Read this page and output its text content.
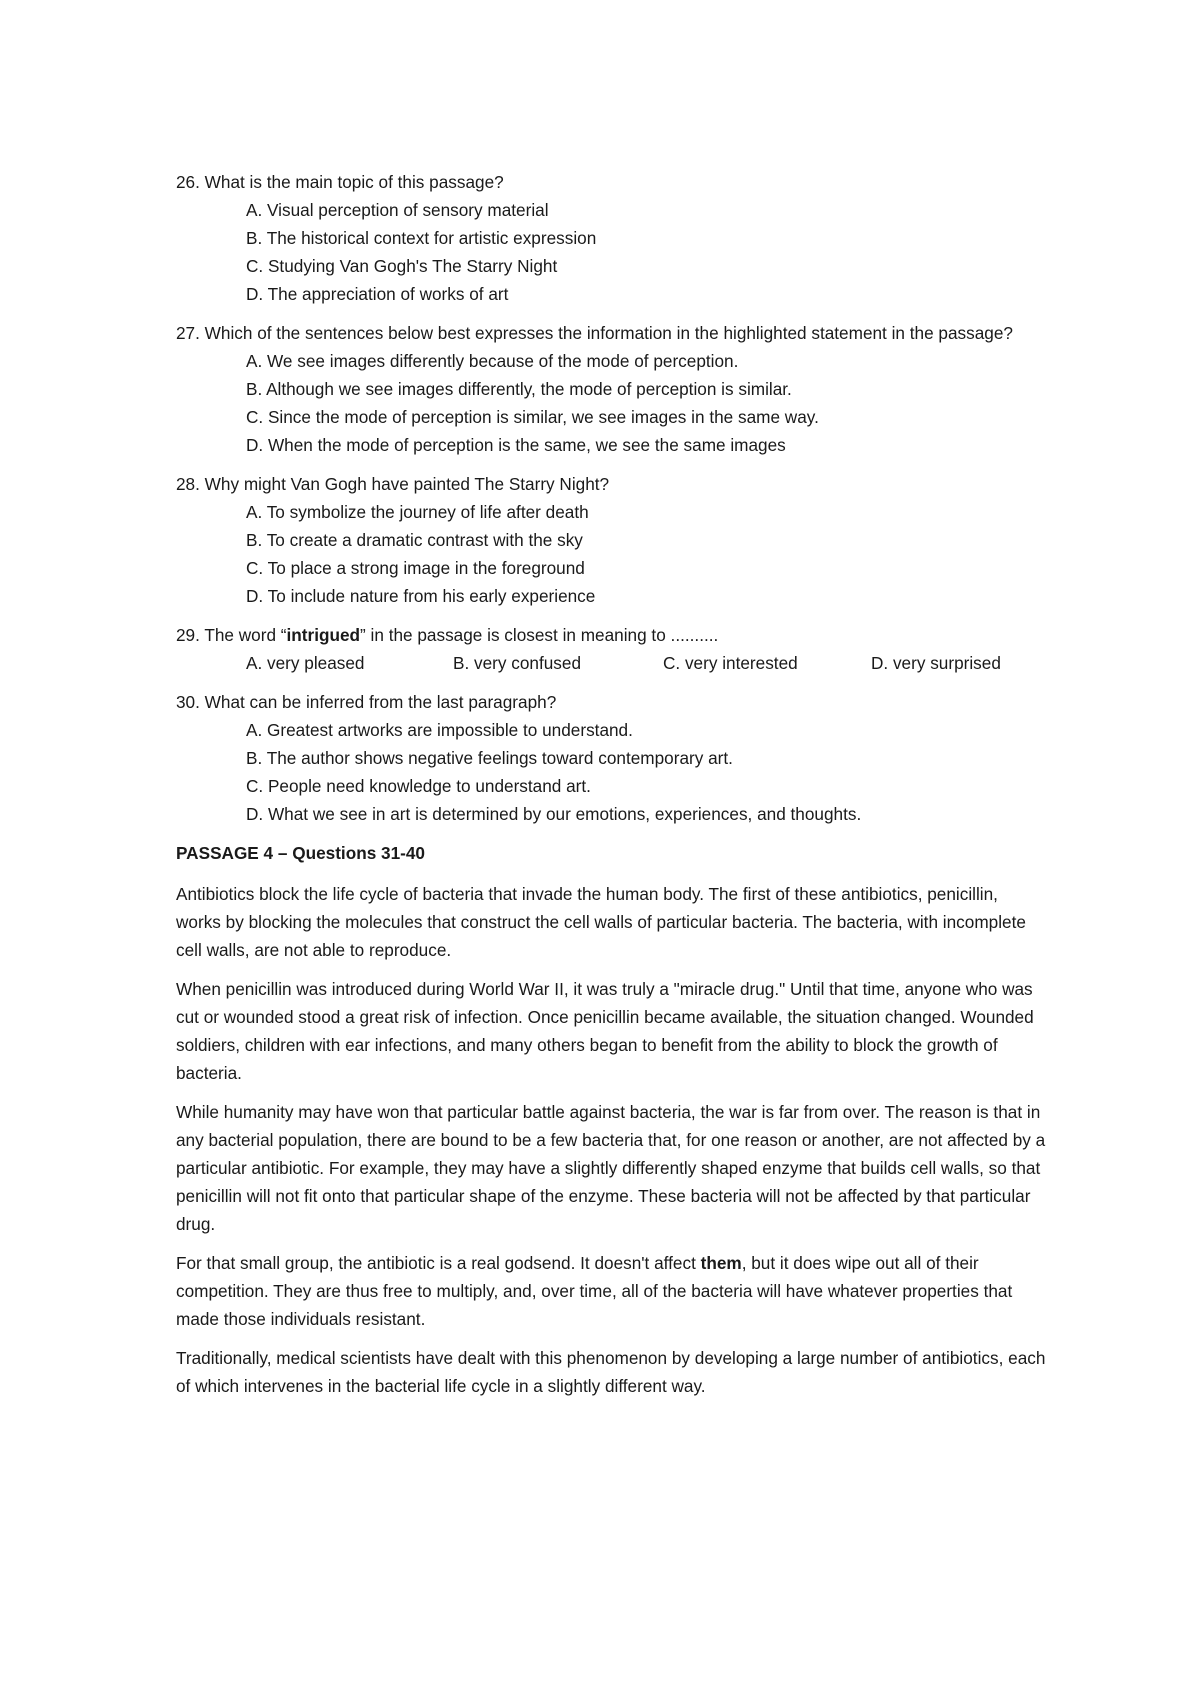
26. What is the main topic of this passage?

A. Visual perception of sensory material

B. The historical context for artistic expression

C. Studying Van Gogh's The Starry Night

D. The appreciation of works of art

27. Which of the sentences below best expresses the information in the highlighted statement in the passage?

A. We see images differently because of the mode of perception.

B. Although we see images differently, the mode of perception is similar.

C. Since the mode of perception is similar, we see images in the same way.

D. When the mode of perception is the same, we see the same images

28. Why might Van Gogh have painted The Starry Night?

A. To symbolize the journey of life after death

B. To create a dramatic contrast with the sky

C. To place a strong image in the foreground

D. To include nature from his early experience

29. The word “intrigued” in the passage is closest in meaning to ..........

A. very pleased	B. very confused	C. very interested	D. very surprised

30. What can be inferred from the last paragraph?

A. Greatest artworks are impossible to understand.

B. The author shows negative feelings toward contemporary art.

C. People need knowledge to understand art.

D. What we see in art is determined by our emotions, experiences, and thoughts.

PASSAGE 4 – Questions 31-40

Antibiotics block the life cycle of bacteria that invade the human body. The first of these antibiotics, penicillin, works by blocking the molecules that construct the cell walls of particular bacteria. The bacteria, with incomplete cell walls, are not able to reproduce.

When penicillin was introduced during World War II, it was truly a "miracle drug." Until that time, anyone who was cut or wounded stood a great risk of infection. Once penicillin became available, the situation changed. Wounded soldiers, children with ear infections, and many others began to benefit from the ability to block the growth of bacteria.

While humanity may have won that particular battle against bacteria, the war is far from over. The reason is that in any bacterial population, there are bound to be a few bacteria that, for one reason or another, are not affected by a particular antibiotic. For example, they may have a slightly differently shaped enzyme that builds cell walls, so that penicillin will not fit onto that particular shape of the enzyme. These bacteria will not be affected by that particular drug.

For that small group, the antibiotic is a real godsend. It doesn't affect them, but it does wipe out all of their competition. They are thus free to multiply, and, over time, all of the bacteria will have whatever properties that made those individuals resistant.

Traditionally, medical scientists have dealt with this phenomenon by developing a large number of antibiotics, each of which intervenes in the bacterial life cycle in a slightly different way.
